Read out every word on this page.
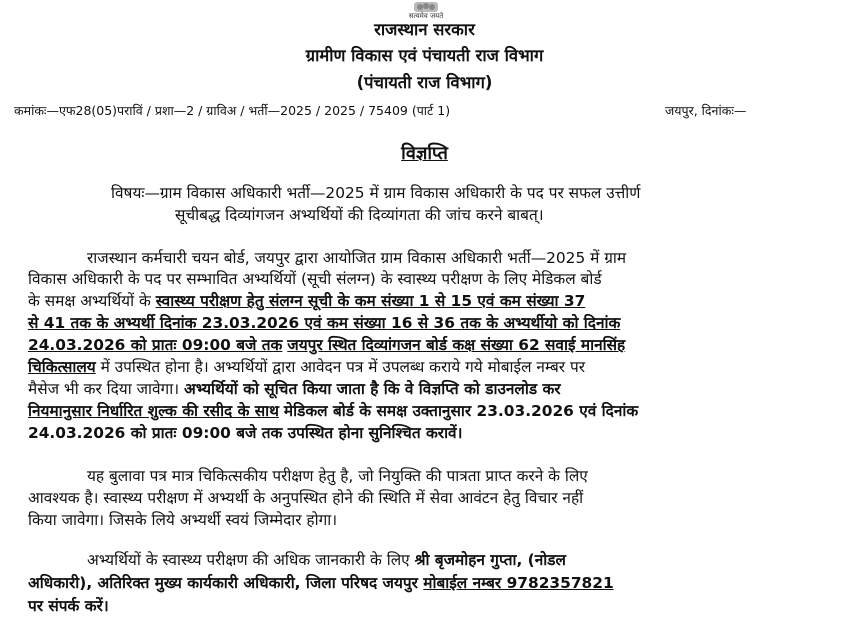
सत्यमेव जयते
राजस्थान सरकार
ग्रामीण विकास एवं पंचायती राज विभाग
(पंचायती राज विभाग)
कमांकः—एफ28(05)पराविं / प्रशा—2 / ग्राविअ / भर्ती—2025 / 2025 / 75409 (पार्ट 1)	जयपुर, दिनांकः—
विज्ञप्ति
विषयः—ग्राम विकास अधिकारी भर्ती—2025 में ग्राम विकास अधिकारी के पद पर सफल उत्तीर्ण
सूचीबद्ध दिव्यांगजन अभ्यर्थियों की दिव्यांगता की जांच करने बाबत्।
राजस्थान कर्मचारी चयन बोर्ड, जयपुर द्वारा आयोजित ग्राम विकास अधिकारी भर्ती—2025 में ग्राम
विकास अधिकारी के पद पर सम्भावित अभ्यर्थियों (सूची संलग्न) के स्वास्थ्य परीक्षण के लिए मेडिकल बोर्ड
के समक्ष अभ्यर्थियों के स्वास्थ्य परीक्षण हेतु संलग्न सूची के कम संख्या 1 से 15 एवं कम संख्या 37
से 41 तक के अभ्यर्थी दिनांक 23.03.2026 एवं कम संख्या 16 से 36 तक के अभ्यर्थीयो को दिनांक
24.03.2026 को प्रातः 09:00 बजे तक जयपुर स्थित दिव्यांगजन बोर्ड कक्ष संख्या 62 सवाई मानसिंह
चिकित्सालय में उपस्थित होना है। अभ्यर्थियों द्वारा आवेदन पत्र में उपलब्ध कराये गये मोबाईल नम्बर पर
मैसेज भी कर दिया जावेगा। अभ्यर्थियों को सूचित किया जाता है कि वे विज्ञप्ति को डाउनलोड कर
नियमानुसार निर्धारित शुल्क की रसीद के साथ मेडिकल बोर्ड के समक्ष उक्तानुसार 23.03.2026 एवं दिनांक
24.03.2026 को प्रातः 09:00 बजे तक उपस्थित होना सुनिश्चित करावें।
यह बुलावा पत्र मात्र चिकित्सकीय परीक्षण हेतु है, जो नियुक्ति की पात्रता प्राप्त करने के लिए
आवश्यक है। स्वास्थ्य परीक्षण में अभ्यर्थी के अनुपस्थित होने की स्थिति में सेवा आवंटन हेतु विचार नहीं
किया जावेगा। जिसके लिये अभ्यर्थी स्वयं जिम्मेदार होगा।
अभ्यर्थियों के स्वास्थ्य परीक्षण की अधिक जानकारी के लिए श्री बृजमोहन गुप्ता, (नोडल
अधिकारी), अतिरिक्त मुख्य कार्यकारी अधिकारी, जिला परिषद जयपुर मोबाईल नम्बर 9782357821
पर संपर्क करें।
